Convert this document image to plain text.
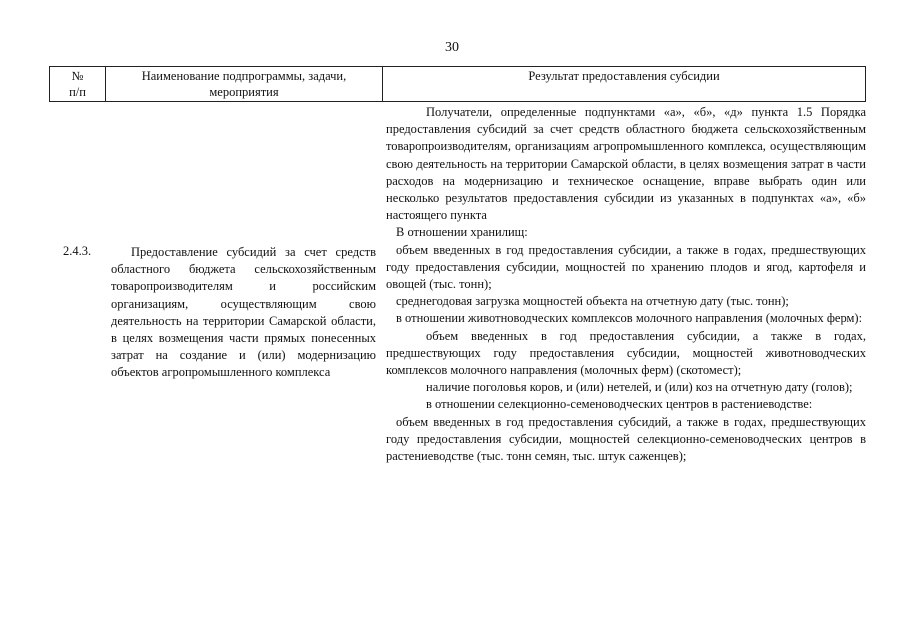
30
№
п/п
Наименование подпрограммы, задачи, мероприятия
Результат предоставления субсидии
2.4.3.	Предоставление субсидий за счет средств областного бюджета сельскохозяйственным товаропроизводителям и российским организациям, осуществляющим свою деятельность на территории Самарской области, в целях возмещения части прямых понесенных затрат на создание и (или) модернизацию объектов агропромышленного комплекса

Получатели, определенные подпунктами «а», «б», «д» пункта 1.5 Порядка предоставления субсидий за счет средств областного бюджета сельскохозяйственным товаропроизводителям, организациям агропромышленного комплекса, осуществляющим свою деятельность на территории Самарской области, в целях возмещения затрат в части расходов на модернизацию и техническое оснащение, вправе выбрать один или несколько результатов предоставления субсидии из указанных в подпунктах «а», «б» настоящего пункта

В отношении хранилищ:

объем введенных в год предоставления субсидии, а также в годах, предшествующих году предоставления субсидии, мощностей по хранению плодов и ягод, картофеля и овощей (тыс. тонн);

среднегодовая загрузка мощностей объекта на отчетную дату (тыс. тонн);

в отношении животноводческих комплексов молочного направления (молочных ферм):

объем введенных в год предоставления субсидии, а также в годах, предшествующих году предоставления субсидии, мощностей животноводческих комплексов молочного направления (молочных ферм) (скотомест);

наличие поголовья коров, и (или) нетелей, и (или) коз на отчетную дату (голов);

в отношении селекционно-семеноводческих центров в растениеводстве:

объем введенных в год предоставления субсидий, а также в годах, предшествующих году предоставления субсидии, мощностей селекционно-семеноводческих центров в растениеводстве (тыс. тонн семян, тыс. штук саженцев);
